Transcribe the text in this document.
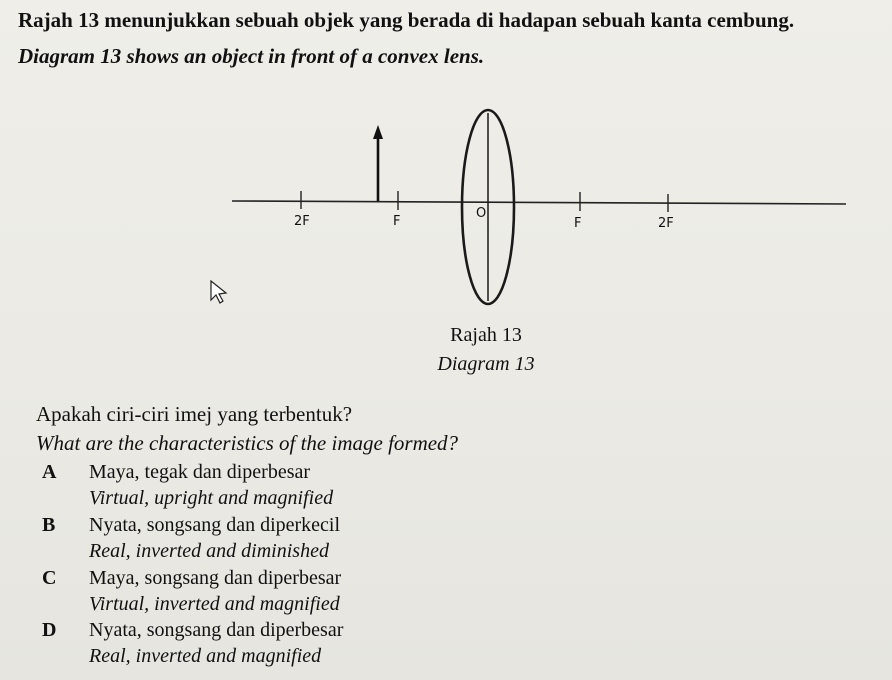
Rajah 13 menunjukkan sebuah objek yang berada di hadapan sebuah kanta cembung.
Diagram 13 shows an object in front of a convex lens.
2F	F
O
F	2F
Rajah 13
Diagram 13
Apakah ciri-ciri imej yang terbentuk?
What are the characteristics of the image formed?
A Maya, tegak dan diperbesar
Virtual, upright and magnified
B Nyata, songsang dan diperkecil
Real, inverted and diminished
C Maya, songsang dan diperbesar
Virtual, inverted and magnified
D Nyata, songsang dan diperbesar
Real, inverted and magnified
